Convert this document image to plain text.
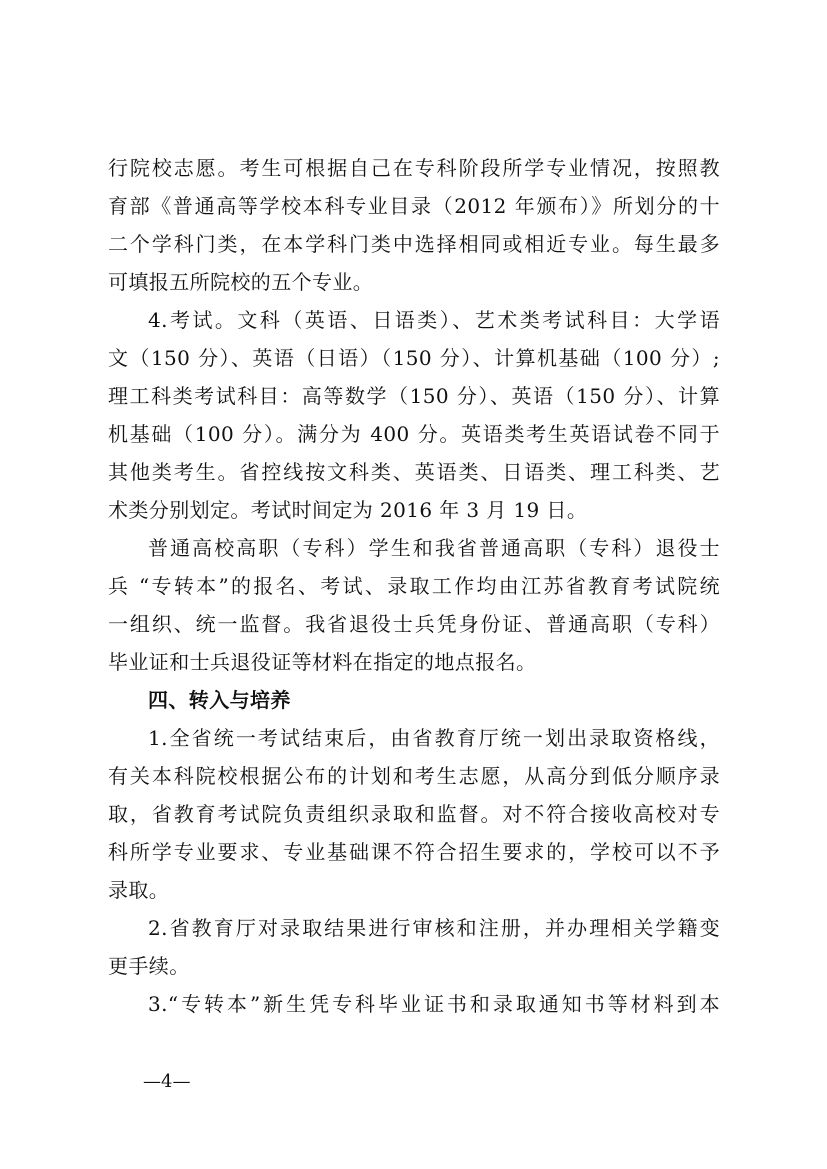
行院校志愿。考生可根据自己在专科阶段所学专业情况，按照教
育部《普通高等学校本科专业目录（2012 年颁布）》所划分的十
二个学科门类，在本学科门类中选择相同或相近专业。每生最多
可填报五所院校的五个专业。
4.考试。文科（英语、日语类）、艺术类考试科目：大学语
文（150 分）、英语（日语）（150 分）、计算机基础（100 分）;
理工科类考试科目：高等数学（150 分）、英语（150 分）、计算
机基础（100 分）。满分为 400 分。英语类考生英语试卷不同于
其他类考生。省控线按文科类、英语类、日语类、理工科类、艺
术类分别划定。考试时间定为 2016 年 3 月 19 日。
普通高校高职（专科）学生和我省普通高职（专科）退役士
兵 “专转本”的报名、考试、录取工作均由江苏省教育考试院统
一组织、统一监督。我省退役士兵凭身份证、普通高职（专科）
毕业证和士兵退役证等材料在指定的地点报名。
四、转入与培养
1.全省统一考试结束后，由省教育厅统一划出录取资格线，
有关本科院校根据公布的计划和考生志愿，从高分到低分顺序录
取，省教育考试院负责组织录取和监督。对不符合接收高校对专
科所学专业要求、专业基础课不符合招生要求的，学校可以不予
录取。
2.省教育厅对录取结果进行审核和注册，并办理相关学籍变
更手续。
3.“专转本”新生凭专科毕业证书和录取通知书等材料到本
—4—
